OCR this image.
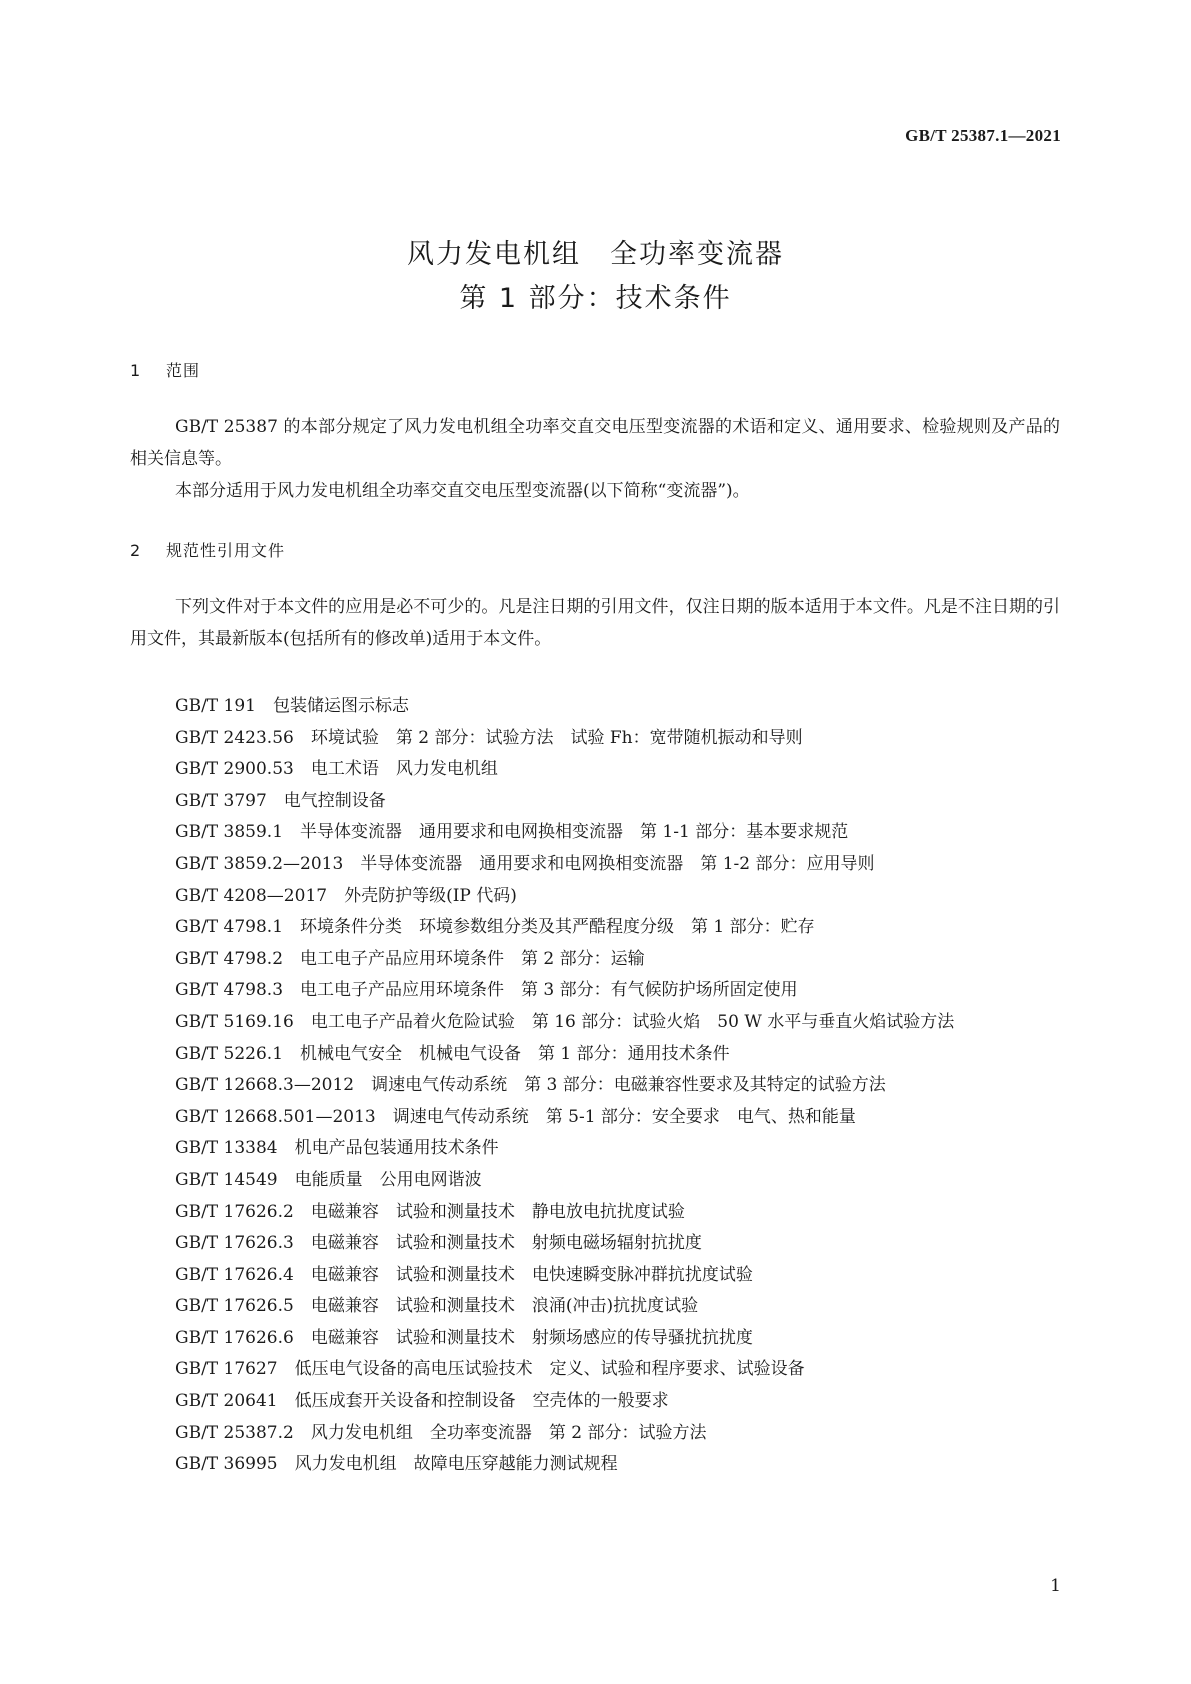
GB/T 25387.1—2021
风力发电机组　全功率变流器
第 1 部分：技术条件
1 范围

GB/T 25387 的本部分规定了风力发电机组全功率交直交电压型变流器的术语和定义、通用要求、检验规则及产品的相关信息等。

本部分适用于风力发电机组全功率交直交电压型变流器(以下简称“变流器”)。

2 规范性引用文件

下列文件对于本文件的应用是必不可少的。凡是注日期的引用文件，仅注日期的版本适用于本文件。凡是不注日期的引用文件，其最新版本(包括所有的修改单)适用于本文件。

GB/T 191　包装储运图示标志
GB/T 2423.56　环境试验　第 2 部分：试验方法　试验 Fh：宽带随机振动和导则
GB/T 2900.53　电工术语　风力发电机组
GB/T 3797　电气控制设备
GB/T 3859.1　半导体变流器　通用要求和电网换相变流器　第 1-1 部分：基本要求规范
GB/T 3859.2—2013　半导体变流器　通用要求和电网换相变流器　第 1-2 部分：应用导则
GB/T 4208—2017　外壳防护等级(IP 代码)
GB/T 4798.1　环境条件分类　环境参数组分类及其严酷程度分级　第 1 部分：贮存
GB/T 4798.2　电工电子产品应用环境条件　第 2 部分：运输
GB/T 4798.3　电工电子产品应用环境条件　第 3 部分：有气候防护场所固定使用
GB/T 5169.16　电工电子产品着火危险试验　第 16 部分：试验火焰　50 W 水平与垂直火焰试验方法
GB/T 5226.1　机械电气安全　机械电气设备　第 1 部分：通用技术条件
GB/T 12668.3—2012　调速电气传动系统　第 3 部分：电磁兼容性要求及其特定的试验方法
GB/T 12668.501—2013　调速电气传动系统　第 5-1 部分：安全要求　电气、热和能量
GB/T 13384　机电产品包装通用技术条件
GB/T 14549　电能质量　公用电网谐波
GB/T 17626.2　电磁兼容　试验和测量技术　静电放电抗扰度试验
GB/T 17626.3　电磁兼容　试验和测量技术　射频电磁场辐射抗扰度
GB/T 17626.4　电磁兼容　试验和测量技术　电快速瞬变脉冲群抗扰度试验
GB/T 17626.5　电磁兼容　试验和测量技术　浪涌(冲击)抗扰度试验
GB/T 17626.6　电磁兼容　试验和测量技术　射频场感应的传导骚扰抗扰度
GB/T 17627　低压电气设备的高电压试验技术　定义、试验和程序要求、试验设备
GB/T 20641　低压成套开关设备和控制设备　空壳体的一般要求
GB/T 25387.2　风力发电机组　全功率变流器　第 2 部分：试验方法
GB/T 36995　风力发电机组　故障电压穿越能力测试规程
1
